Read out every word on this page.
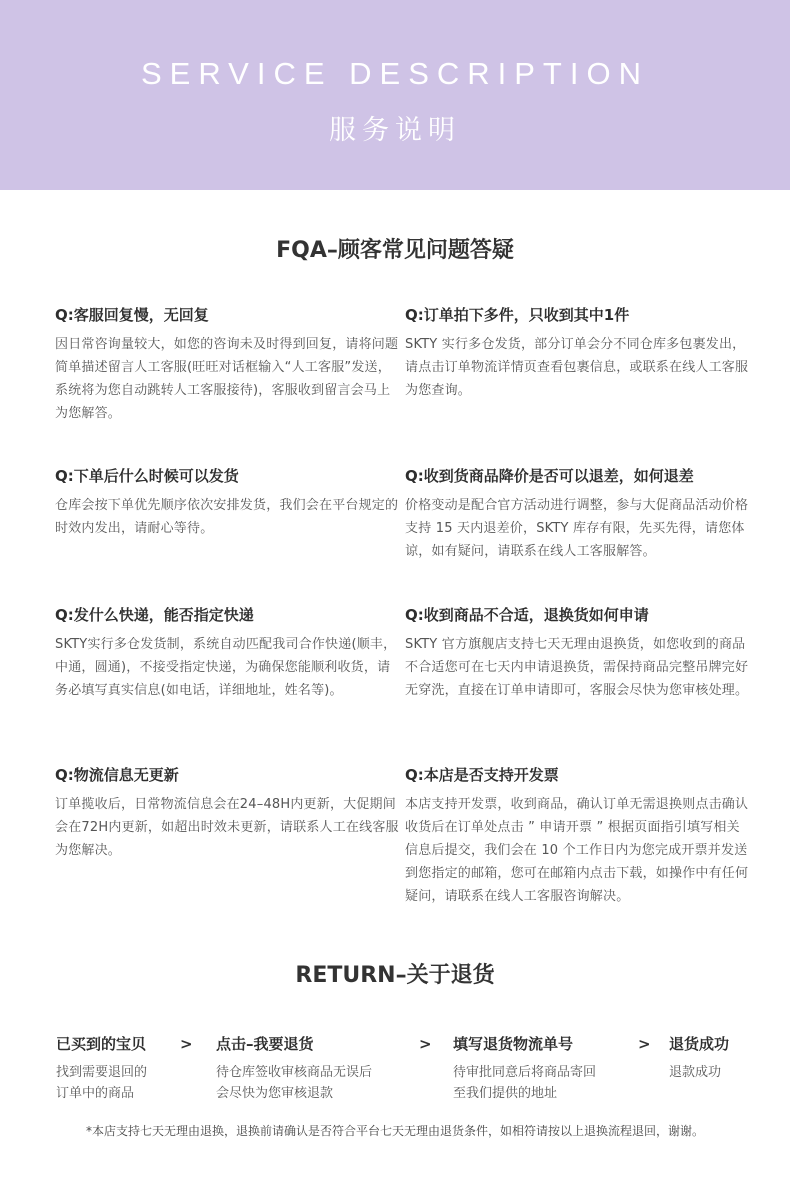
SERVICE DESCRIPTION
服务说明
FQA–顾客常见问题答疑
Q:客服回复慢，无回复
因日常咨询量较大，如您的咨询未及时得到回复，请将问题简单描述留言人工客服(旺旺对话框输入“人工客服”发送，系统将为您自动跳转人工客服接待)，客服收到留言会马上为您解答。
Q:订单拍下多件，只收到其中1件
SKTY 实行多仓发货，部分订单会分不同仓库多包裹发出，请点击订单物流详情页查看包裹信息，或联系在线人工客服为您查询。
Q:下单后什么时候可以发货
仓库会按下单优先顺序依次安排发货，我们会在平台规定的时效内发出，请耐心等待。
Q:收到货商品降价是否可以退差，如何退差
价格变动是配合官方活动进行调整，参与大促商品活动价格支持 15 天内退差价，SKTY 库存有限，先买先得，请您体谅，如有疑问，请联系在线人工客服解答。
Q:发什么快递，能否指定快递
SKTY实行多仓发货制，系统自动匹配我司合作快递(顺丰，中通，圆通)，不接受指定快递，为确保您能顺利收货，请务必填写真实信息(如电话，详细地址，姓名等)。
Q:收到商品不合适，退换货如何申请
SKTY 官方旗舰店支持七天无理由退换货，如您收到的商品不合适您可在七天内申请退换货，需保持商品完整吊牌完好无穿洗，直接在订单申请即可，客服会尽快为您审核处理。
Q:物流信息无更新
订单揽收后，日常物流信息会在24–48H内更新，大促期间会在72H内更新，如超出时效未更新，请联系人工在线客服为您解决。
Q:本店是否支持开发票
本店支持开发票，收到商品，确认订单无需退换则点击确认收货后在订单处点击 ” 申请开票 ” 根据页面指引填写相关信息后提交，我们会在 10 个工作日内为您完成开票并发送到您指定的邮箱，您可在邮箱内点击下载，如操作中有任何疑问，请联系在线人工客服咨询解决。
RETURN–关于退货
已买到的宝贝
找到需要退回的
订单中的商品
> 点击–我要退货
待仓库签收审核商品无误后
会尽快为您审核退款
> 填写退货物流单号
待审批同意后将商品寄回
至我们提供的地址
> 退货成功
退款成功
*本店支持七天无理由退换，退换前请确认是否符合平台七天无理由退货条件，如相符请按以上退换流程退回，谢谢。
